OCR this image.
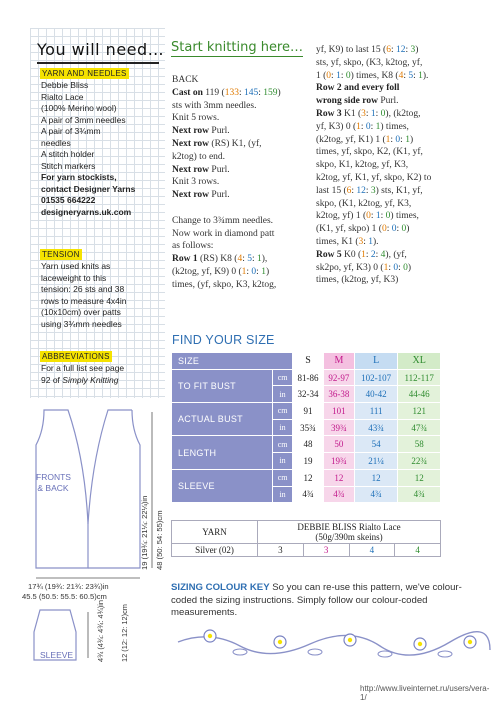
You will need…
YARN AND NEEDLES
Debbie Bliss
Rialto Lace
(100% Merino wool)
A pair of 3mm needles
A pair of 3¾mm
needles
A stitch holder
Stitch markers
For yarn stockists,
contact Designer Yarns
01535 664222
designeryarns.uk.com
TENSION
Yarn used knits as
laceweight to this
tension: 26 sts and 38
rows to measure 4x4in
(10x10cm) over patts
using 3¾mm needles
ABBREVIATIONS
For a full list see page
92 of Simply Knitting
FRONTS
& BACK
19 (19¾: 21¼: 22¼)in 48 (50: 54: 55)cm
17¾ (19¾: 21¾: 23¾)in
45.5 (50.5: 55.5: 60.5)cm
SLEEVE	4¾ (4¾: 4¾: 4¾)in 12 (12: 12: 12)cm
Start knitting here…
BACK
Cast on 119 (133: 145: 159)
sts with 3mm needles.
Knit 5 rows.
Next row Purl.
Next row (RS) K1, (yf,
k2tog) to end.
Next row Purl.
Knit 3 rows.
Next row Purl.

Change to 3¾mm needles.
Now work in diamond patt
as follows:
Row 1 (RS) K8 (4: 5: 1),
(k2tog, yf, K9) 0 (1: 0: 1)
times, (yf, skpo, K3, k2tog,
yf, K9) to last 15 (6: 12: 3)
sts, yf, skpo, (K3, k2tog, yf,
1 (0: 1: 0) times, K8 (4: 5: 1).
Row 2 and every foll
wrong side row Purl.
Row 3 K1 (3: 1: 0), (k2tog,
yf, K3) 0 (1: 0: 1) times,
(k2tog, yf, K1) 1 (1: 0: 1)
times, yf, skpo, K2, (K1, yf,
skpo, K1, k2tog, yf, K3,
k2tog, yf, K1, yf, skpo, K2) to
last 15 (6: 12: 3) sts, K1, yf,
skpo, (K1, k2tog, yf, K3,
k2tog, yf) 1 (0: 1: 0) times,
(K1, yf, skpo) 1 (0: 0: 0)
times, K1 (3: 1).
Row 5 K0 (1: 2: 4), (yf,
sk2po, yf, K3) 0 (1: 0: 0)
times, (k2tog, yf, K3)
FIND YOUR SIZE
SIZE		S	M	L	XL
TO FIT BUST	cm	81-86	92-97	102-107	112-117
	in	32-34	36-38	40-42	44-46
ACTUAL BUST	cm	91	101	111	121
	in	35¾	39¾	43¾	47¾
LENGTH	cm	48	50	54	58
	in	19	19¾	21¼	22¾
SLEEVE	cm	12	12	12	12
	in	4¾	4¾	4¾	4¾
YARN	DEBBIE BLISS Rialto Lace
(50g/390m skeins)			

Silver (02)	3	3	4	4
SIZING COLOUR KEY So you can re-use this pattern, we've colour-coded the sizing instructions. Simply follow our colour-coded measurements.
http://www.liveinternet.ru/users/vera-1/
